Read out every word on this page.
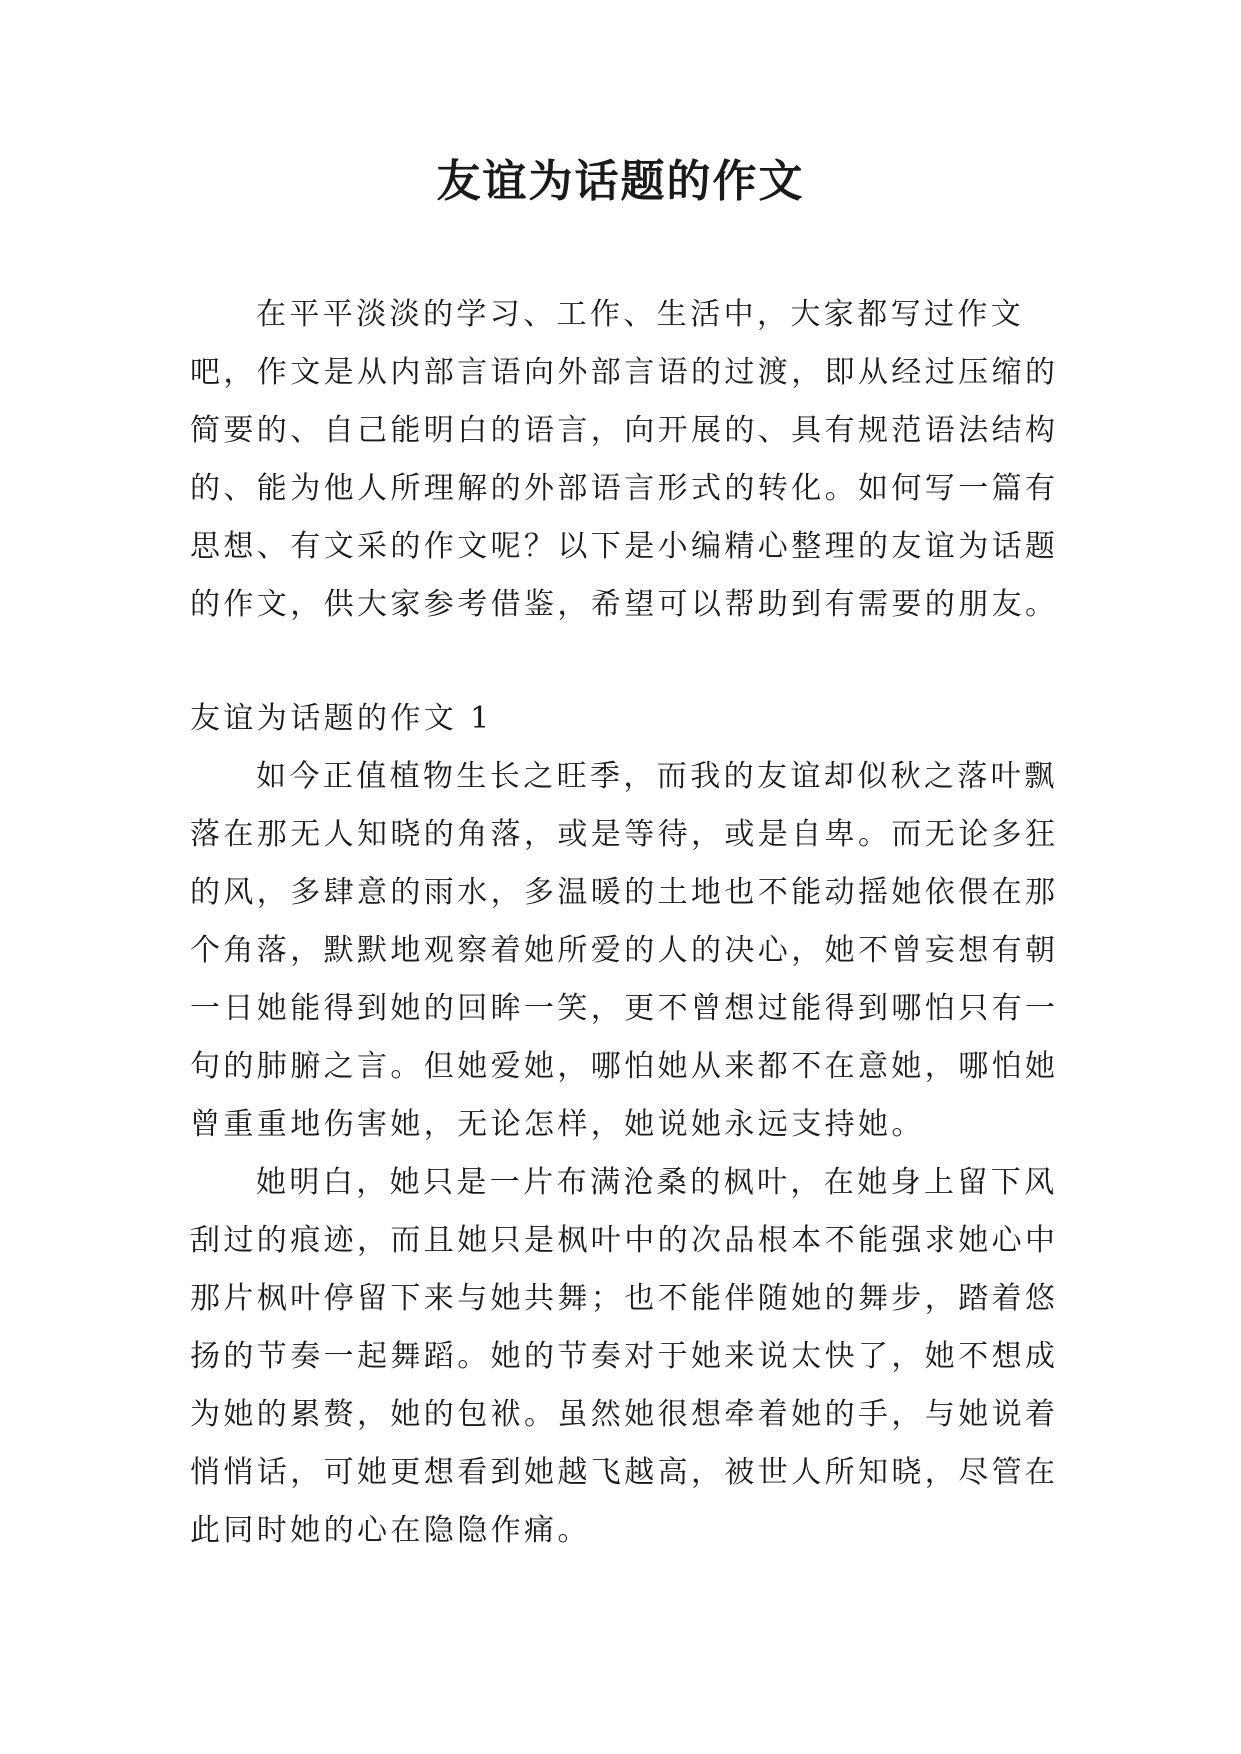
友谊为话题的作文

在平平淡淡的学习、工作、生活中，大家都写过作文吧，作文是从内部言语向外部言语的过渡，即从经过压缩的简要的、自己能明白的语言，向开展的、具有规范语法结构的、能为他人所理解的外部语言形式的转化。如何写一篇有思想、有文采的作文呢？以下是小编精心整理的友谊为话题的作文，供大家参考借鉴，希望可以帮助到有需要的朋友。

友谊为话题的作文 1

如今正值植物生长之旺季，而我的友谊却似秋之落叶飘落在那无人知晓的角落，或是等待，或是自卑。而无论多狂的风，多肆意的雨水，多温暖的土地也不能动摇她依偎在那个角落，默默地观察着她所爱的人的决心，她不曾妄想有朝一日她能得到她的回眸一笑，更不曾想过能得到哪怕只有一句的肺腑之言。但她爱她，哪怕她从来都不在意她，哪怕她曾重重地伤害她，无论怎样，她说她永远支持她。

她明白，她只是一片布满沧桑的枫叶，在她身上留下风刮过的痕迹，而且她只是枫叶中的次品根本不能强求她心中那片枫叶停留下来与她共舞；也不能伴随她的舞步，踏着悠扬的节奏一起舞蹈。她的节奏对于她来说太快了，她不想成为她的累赘，她的包袱。虽然她很想牵着她的手，与她说着悄悄话，可她更想看到她越飞越高，被世人所知晓，尽管在此同时她的心在隐隐作痛。
